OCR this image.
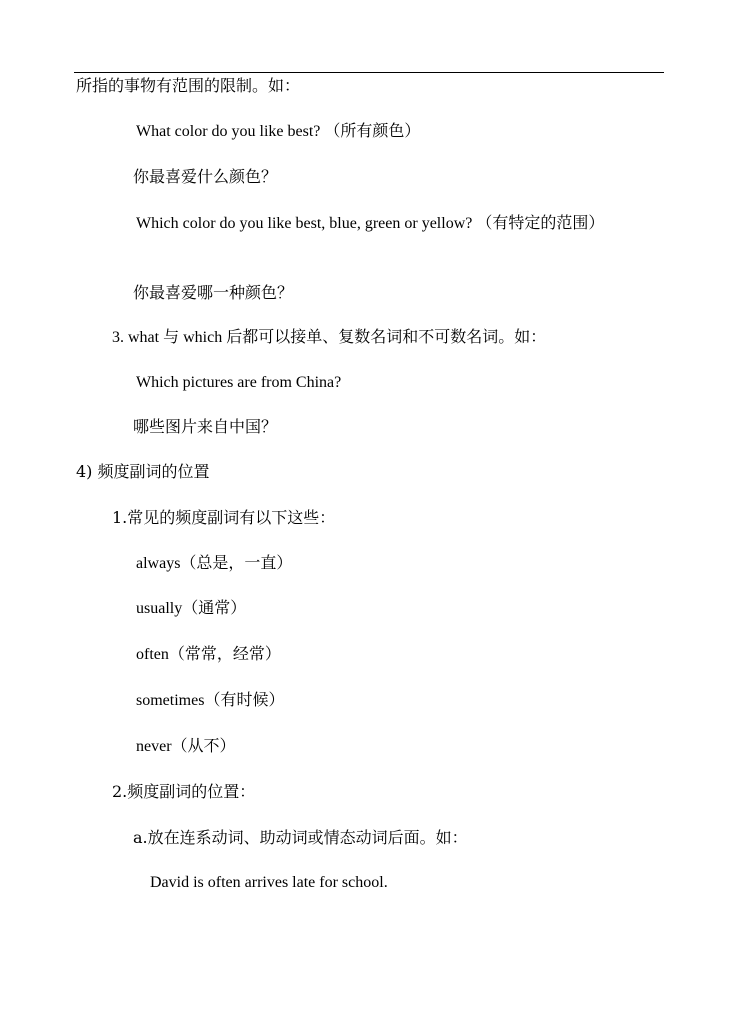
所指的事物有范围的限制。如：
What color do you like best? （所有颜色）
你最喜爱什么颜色？
Which color do you like best, blue, green or yellow? （有特定的范围）
你最喜爱哪一种颜色？
3. what 与 which 后都可以接单、复数名词和不可数名词。如：
Which pictures are from China?
哪些图片来自中国？
4) 频度副词的位置
1.常见的频度副词有以下这些：
always（总是，一直）
usually（通常）
often（常常，经常）
sometimes（有时候）
never（从不）
2.频度副词的位置：
a.放在连系动词、助动词或情态动词后面。如：
David is often arrives late for school.
